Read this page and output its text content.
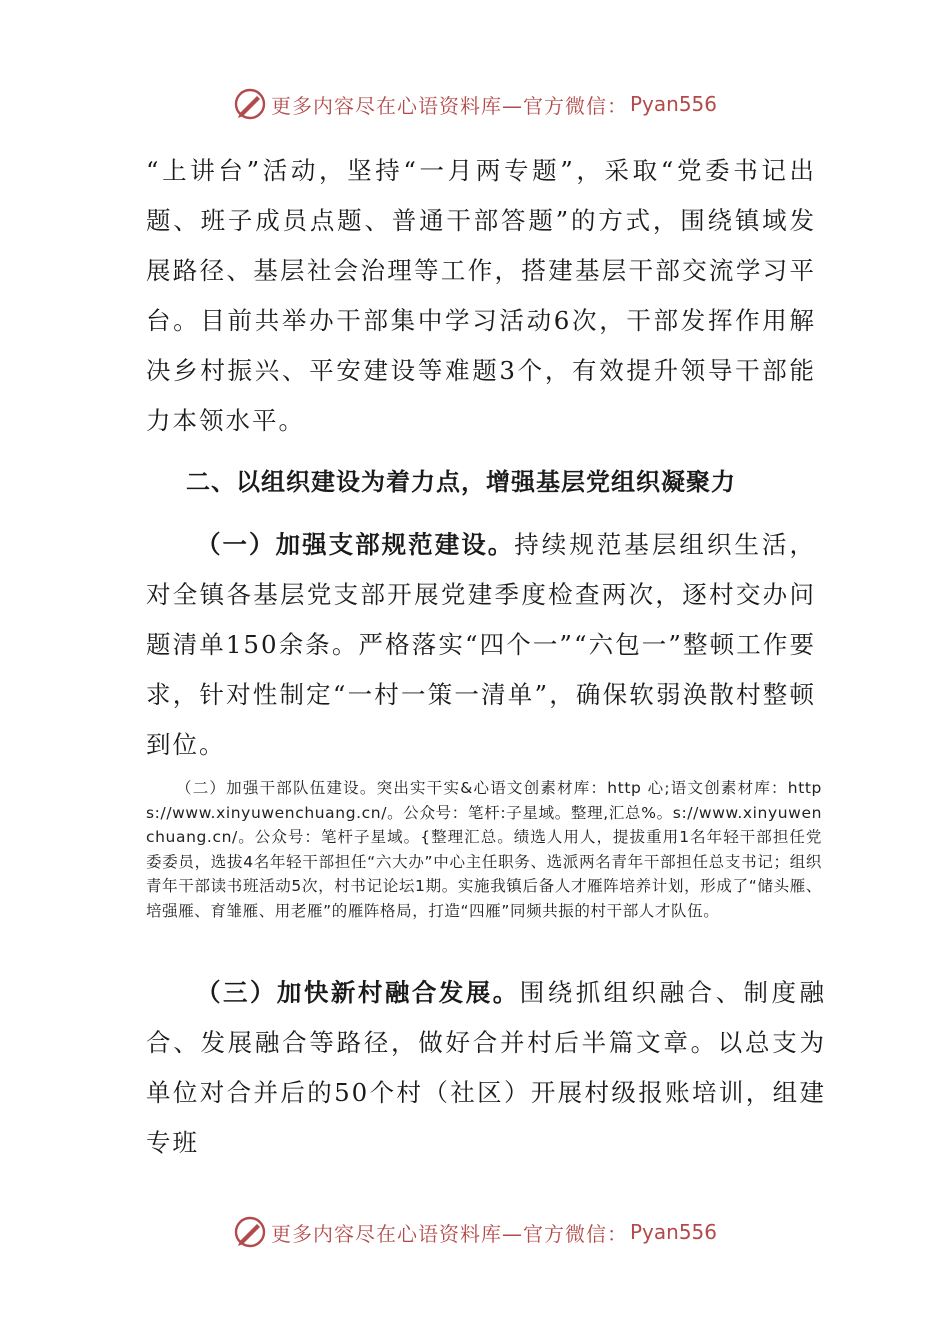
更多内容尽在心语资料库—官方微信： Pyan556
“上讲台”活动，坚持“一月两专题”，采取“党委书记出题、班子成员点题、普通干部答题”的方式，围绕镇域发展路径、基层社会治理等工作，搭建基层干部交流学习平台。目前共举办干部集中学习活动6次，干部发挥作用解决乡村振兴、平安建设等难题3个，有效提升领导干部能力本领水平。
二、以组织建设为着力点，增强基层党组织凝聚力
（一）加强支部规范建设。持续规范基层组织生活，对全镇各基层党支部开展党建季度检查两次，逐村交办问题清单150余条。严格落实“四个一”“六包一”整顿工作要求，针对性制定“一村一策一清单”，确保软弱涣散村整顿到位。
（二）加强干部队伍建设。突出实干实&心语文创素材库：http 心;语文创素材库：https://www.xinyuwenchuang.cn/。公众号：笔杆:子星域。整理,汇总%。s://www.xinyuwenchuang.cn/。公众号：笔杆子星域。{整理汇总。绩选人用人，提拔重用1名年轻干部担任党委委员，选拔4名年轻干部担任“六大办”中心主任职务、选派两名青年干部担任总支书记；组织青年干部读书班活动5次，村书记论坛1期。实施我镇后备人才雁阵培养计划，形成了“储头雁、培强雁、育雏雁、用老雁”的雁阵格局，打造“四雁”同频共振的村干部人才队伍。
（三）加快新村融合发展。围绕抓组织融合、制度融合、发展融合等路径，做好合并村后半篇文章。以总支为单位对合并后的50个村（社区）开展村级报账培训，组建专班
更多内容尽在心语资料库—官方微信： Pyan556
